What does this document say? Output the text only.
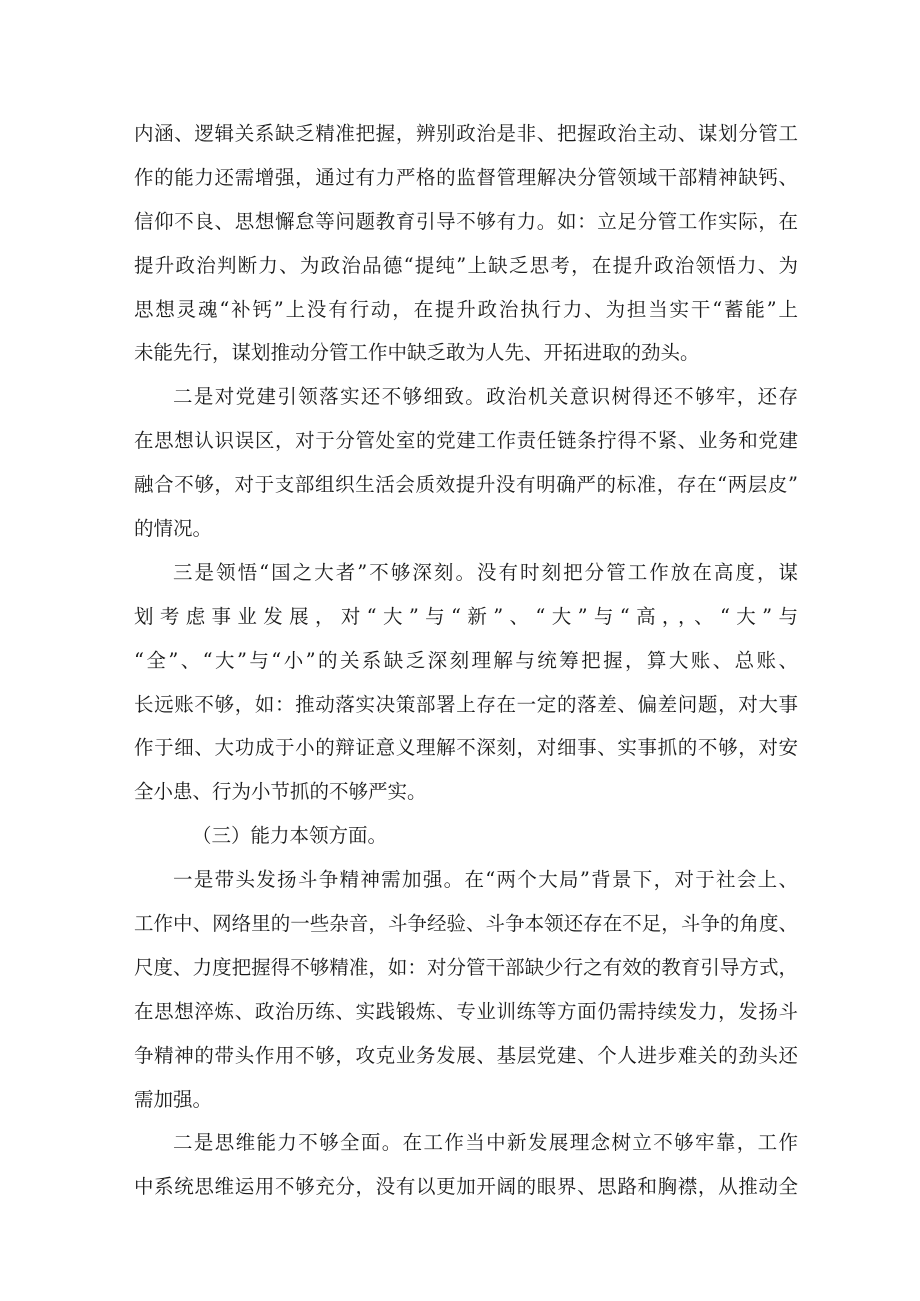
内涵、逻辑关系缺乏精准把握，辨别政治是非、把握政治主动、谋划分管工
作的能力还需增强，通过有力严格的监督管理解决分管领域干部精神缺钙、
信仰不良、思想懈怠等问题教育引导不够有力。如：立足分管工作实际，在
提升政治判断力、为政治品德“提纯”上缺乏思考，在提升政治领悟力、为
思想灵魂“补钙”上没有行动，在提升政治执行力、为担当实干“蓄能”上
未能先行，谋划推动分管工作中缺乏敢为人先、开拓进取的劲头。
二是对党建引领落实还不够细致。政治机关意识树得还不够牢，还存
在思想认识误区，对于分管处室的党建工作责任链条拧得不紧、业务和党建
融合不够，对于支部组织生活会质效提升没有明确严的标准，存在“两层皮”
的情况。
三是领悟“国之大者”不够深刻。没有时刻把分管工作放在高度，谋
划考虑事业发展，对“大”与“新”、“大”与“高，，、“大”与
“全”、“大”与“小”的关系缺乏深刻理解与统筹把握，算大账、总账、
长远账不够，如：推动落实决策部署上存在一定的落差、偏差问题，对大事
作于细、大功成于小的辩证意义理解不深刻，对细事、实事抓的不够，对安
全小患、行为小节抓的不够严实。
（三）能力本领方面。
一是带头发扬斗争精神需加强。在“两个大局”背景下，对于社会上、
工作中、网络里的一些杂音，斗争经验、斗争本领还存在不足，斗争的角度、
尺度、力度把握得不够精准，如：对分管干部缺少行之有效的教育引导方式，
在思想淬炼、政治历练、实践锻炼、专业训练等方面仍需持续发力，发扬斗
争精神的带头作用不够，攻克业务发展、基层党建、个人进步难关的劲头还
需加强。
二是思维能力不够全面。在工作当中新发展理念树立不够牢靠，工作
中系统思维运用不够充分，没有以更加开阔的眼界、思路和胸襟，从推动全
